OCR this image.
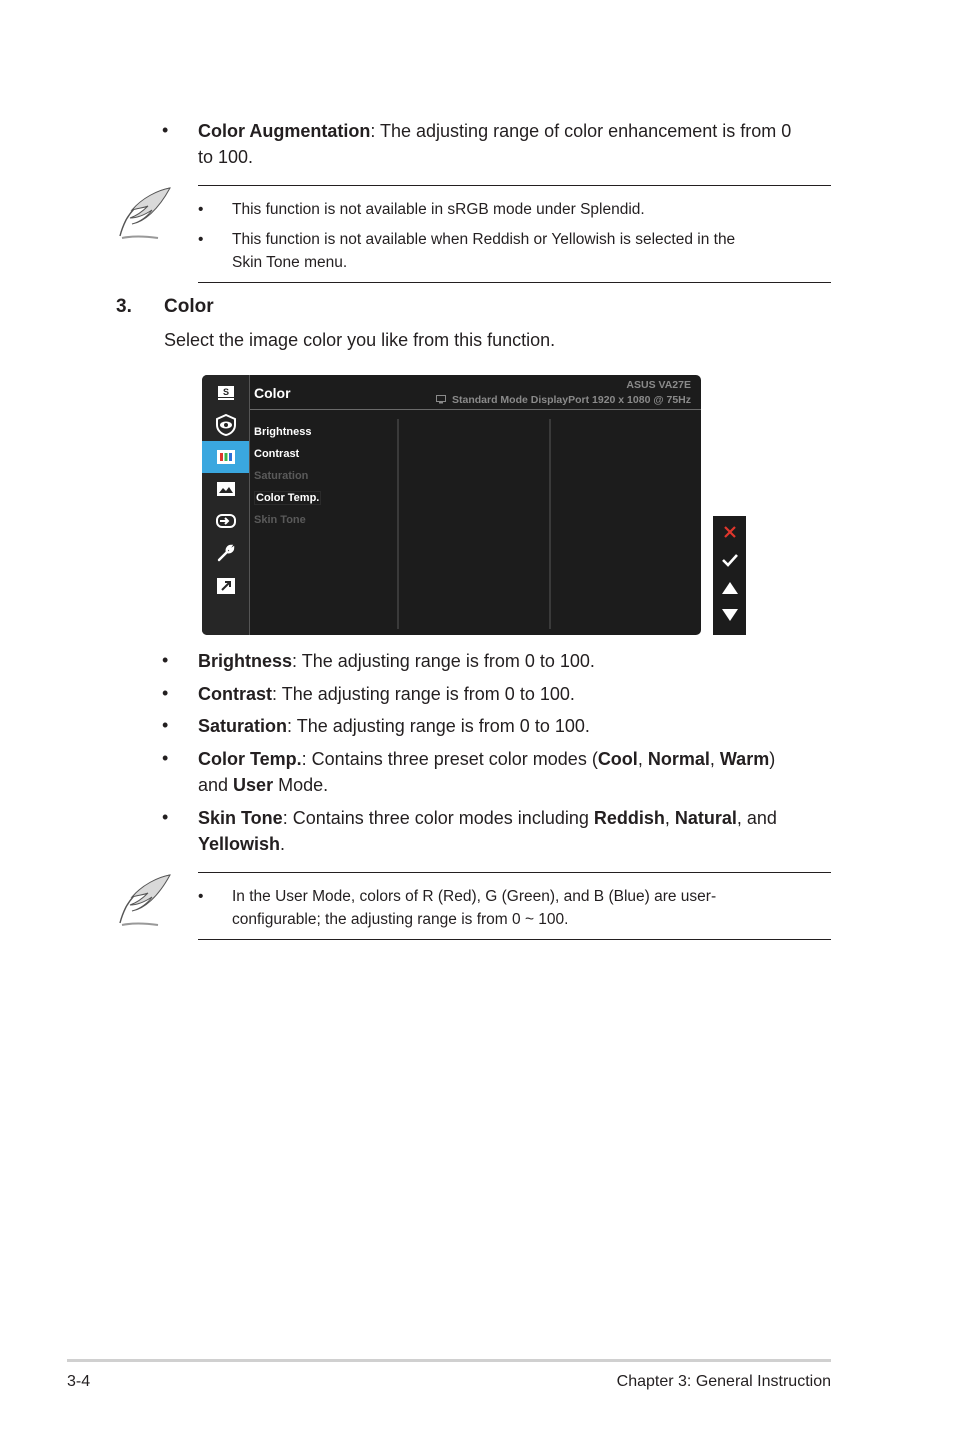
• Color Augmentation: The adjusting range of color enhancement is from 0
to 100.
• This function is not available in sRGB mode under Splendid.
• This function is not available when Reddish or Yellowish is selected in the
Skin Tone menu.
3. Color
Select the image color you like from this function.
S Color	ASUS VA27E
Standard Mode DisplayPort 1920 x 1080 @ 75Hz
Brightness
Contrast
Saturation
Color Temp.
Skin Tone
• Brightness: The adjusting range is from 0 to 100.
• Contrast: The adjusting range is from 0 to 100.
• Saturation: The adjusting range is from 0 to 100.
• Color Temp.: Contains three preset color modes (Cool, Normal, Warm)
and User Mode.
• Skin Tone: Contains three color modes including Reddish, Natural, and
Yellowish.
• In the User Mode, colors of R (Red), G (Green), and B (Blue) are user-
configurable; the adjusting range is from 0 ~ 100.
3-4	Chapter 3: General Instruction
